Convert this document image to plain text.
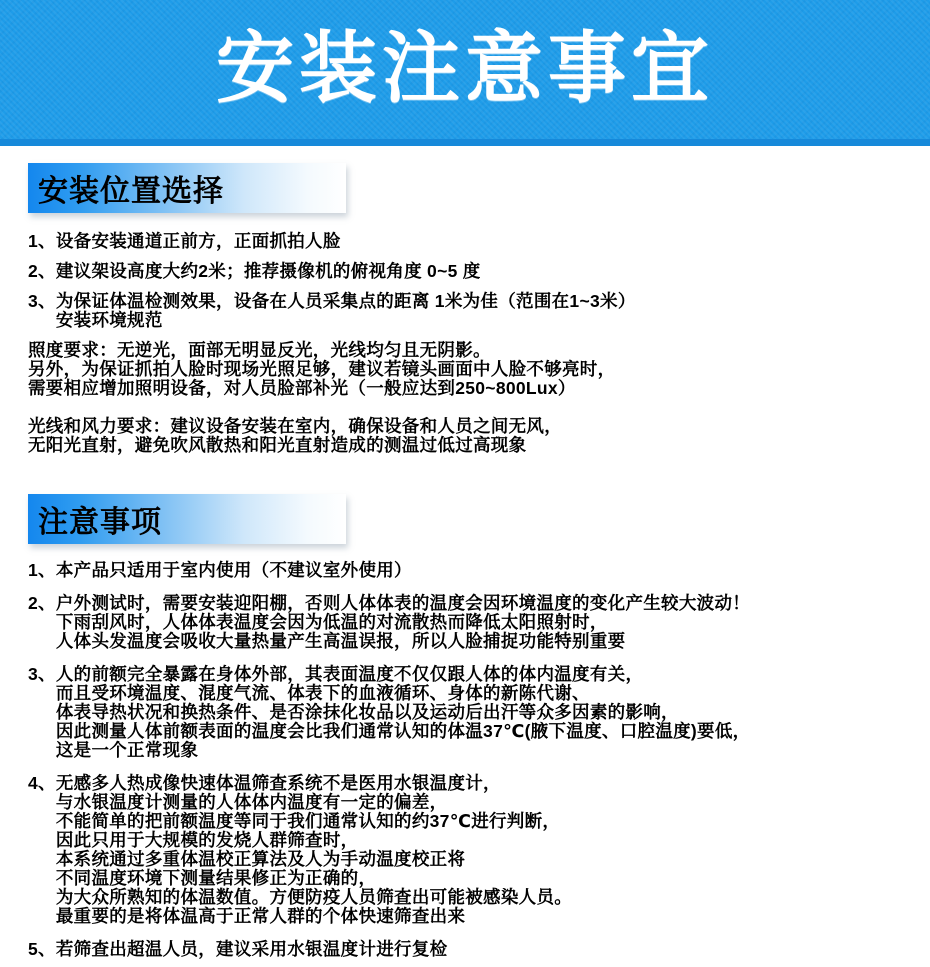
安装注意事宜
安装位置选择
1、 设备安装通道正前方，正面抓拍人脸
2、 建议架设高度大约2米；推荐摄像机的俯视角度 0~5 度
3、 为保证体温检测效果，设备在人员采集点的距离 1米为佳（范围在1~3米）
安装环境规范

照度要求：无逆光，面部无明显反光，光线均匀且无阴影。

另外，为保证抓拍人脸时现场光照足够，建议若镜头画面中人脸不够亮时，

需要相应增加照明设备，对人员脸部补光（一般应达到250~800Lux）

光线和风力要求：建议设备安装在室内，确保设备和人员之间无风，

无阳光直射，避免吹风散热和阳光直射造成的测温过低过高现象

注意事项
1、 本产品只适用于室内使用（不建议室外使用）
2、 户外测试时，需要安装迎阳棚，否则人体体表的温度会因环境温度的变化产生较大波动！
下雨刮风时，人体体表温度会因为低温的对流散热而降低太阳照射时，
人体头发温度会吸收大量热量产生高温误报，所以人脸捕捉功能特别重要
3、 人的前额完全暴露在身体外部，其表面温度不仅仅跟人体的体内温度有关，
而且受环境温度、混度气流、体表下的血液循环、身体的新陈代谢、
体表导热状况和换热条件、是否涂抹化妆品以及运动后出汗等众多因素的影响，
因此测量人体前额表面的温度会比我们通常认知的体温37℃(腋下温度、口腔温度)要低，
这是一个正常现象
4、 无感多人热成像快速体温筛查系统不是医用水银温度计，
与水银温度计测量的人体体内温度有一定的偏差，
不能简单的把前额温度等同于我们通常认知的约37℃进行判断，
因此只用于大规模的发烧人群筛查时，
本系统通过多重体温校正算法及人为手动温度校正将
不同温度环境下测量结果修正为正确的，
为大众所熟知的体温数值。方便防疫人员筛查出可能被感染人员。
最重要的是将体温高于正常人群的个体快速筛查出来
5、 若筛查出超温人员，建议采用水银温度计进行复检
